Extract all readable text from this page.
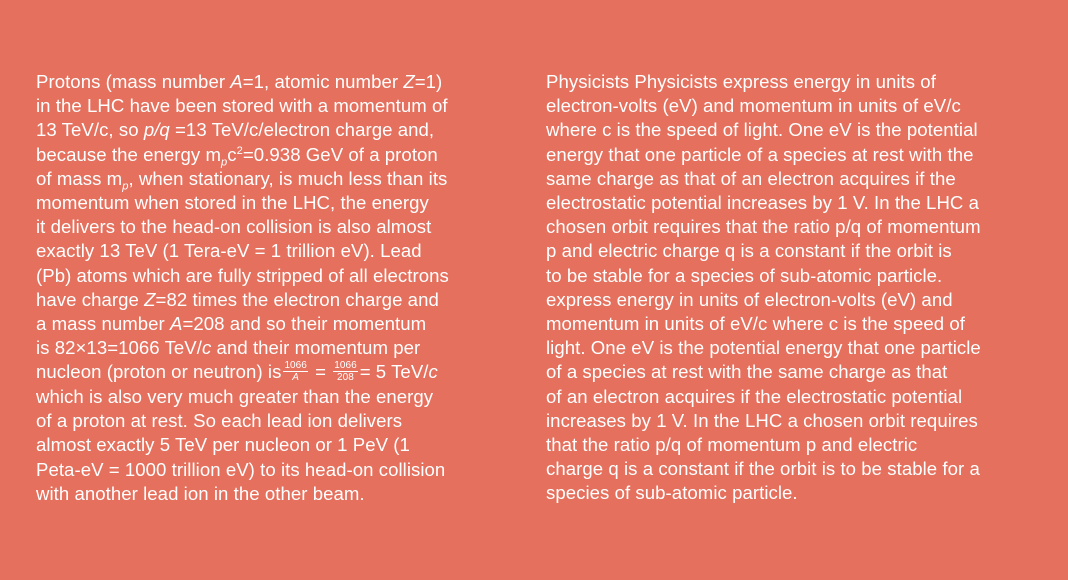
Protons (mass number A=1, atomic number Z=1)
in the LHC have been stored with a momentum of
13 TeV/c, so p/q =13 TeV/c/electron charge and,
because the energy $m_pc^2=0.938$ GeV of a proton
of mass $m_p$, when stationary, is much less than its
momentum when stored in the LHC, the energy
it delivers to the head-on collision is also almost
exactly 13 TeV (1 Tera-eV = 1 trillion eV). Lead
(Pb) atoms which are fully stripped of all electrons
have charge Z=82 times the electron charge and
a mass number A=208 and so their momentum
is 82×13=1066 TeV/c and their momentum per
nucleon (proton or neutron) is $\frac{1066}{A} = \frac{1066}{208} = 5$ TeV/c
which is also very much greater than the energy
of a proton at rest. So each lead ion delivers
almost exactly 5 TeV per nucleon or 1 PeV (1
Peta-eV = 1000 trillion eV) to its head-on collision
with another lead ion in the other beam.
Physicists Physicists express energy in units of
electron-volts (eV) and momentum in units of eV/c
where c is the speed of light. One eV is the potential
energy that one particle of a species at rest with the
same charge as that of an electron acquires if the
electrostatic potential increases by 1 V. In the LHC a
chosen orbit requires that the ratio p/q of momentum
p and electric charge q is a constant if the orbit is
to be stable for a species of sub-atomic particle.
express energy in units of electron-volts (eV) and
momentum in units of eV/c where c is the speed of
light. One eV is the potential energy that one particle
of a species at rest with the same charge as that
of an electron acquires if the electrostatic potential
increases by 1 V. In the LHC a chosen orbit requires
that the ratio p/q of momentum p and electric
charge q is a constant if the orbit is to be stable for a
species of sub-atomic particle.
